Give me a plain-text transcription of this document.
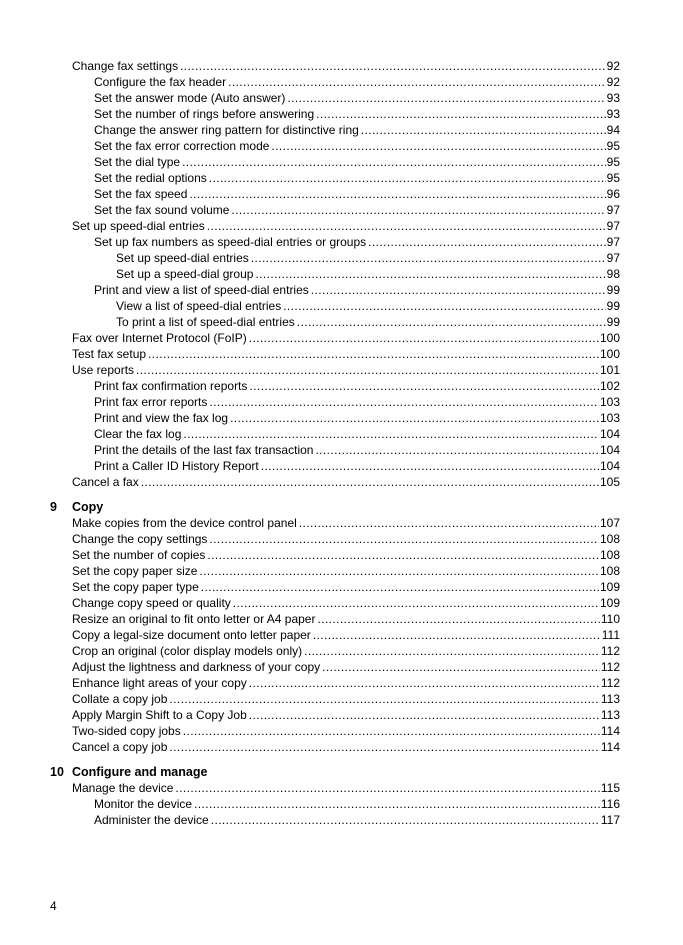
Change fax settings .....	92
Configure the fax header .....	92
Set the answer mode (Auto answer) .....	93
Set the number of rings before answering .....	93
Change the answer ring pattern for distinctive ring .....	94
Set the fax error correction mode .....	95
Set the dial type .....	95
Set the redial options .....	95
Set the fax speed .....	96
Set the fax sound volume .....	97
Set up speed-dial entries .....	97
Set up fax numbers as speed-dial entries or groups .....	97
Set up speed-dial entries .....	97
Set up a speed-dial group .....	98
Print and view a list of speed-dial entries .....	99
View a list of speed-dial entries .....	99
To print a list of speed-dial entries .....	99
Fax over Internet Protocol (FoIP) .....	100
Test fax setup .....	100
Use reports .....	101
Print fax confirmation reports .....	102
Print fax error reports .....	103
Print and view the fax log .....	103
Clear the fax log .....	104
Print the details of the last fax transaction .....	104
Print a Caller ID History Report .....	104
Cancel a fax .....	105
9 Copy
Make copies from the device control panel .....	107
Change the copy settings .....	108
Set the number of copies .....	108
Set the copy paper size .....	108
Set the copy paper type .....	109
Change copy speed or quality .....	109
Resize an original to fit onto letter or A4 paper .....	110
Copy a legal-size document onto letter paper .....	111
Crop an original (color display models only) .....	112
Adjust the lightness and darkness of your copy .....	112
Enhance light areas of your copy .....	112
Collate a copy job .....	113
Apply Margin Shift to a Copy Job .....	113
Two-sided copy jobs .....	114
Cancel a copy job .....	114
10 Configure and manage
Manage the device .....	115
Monitor the device .....	116
Administer the device .....	117
4
